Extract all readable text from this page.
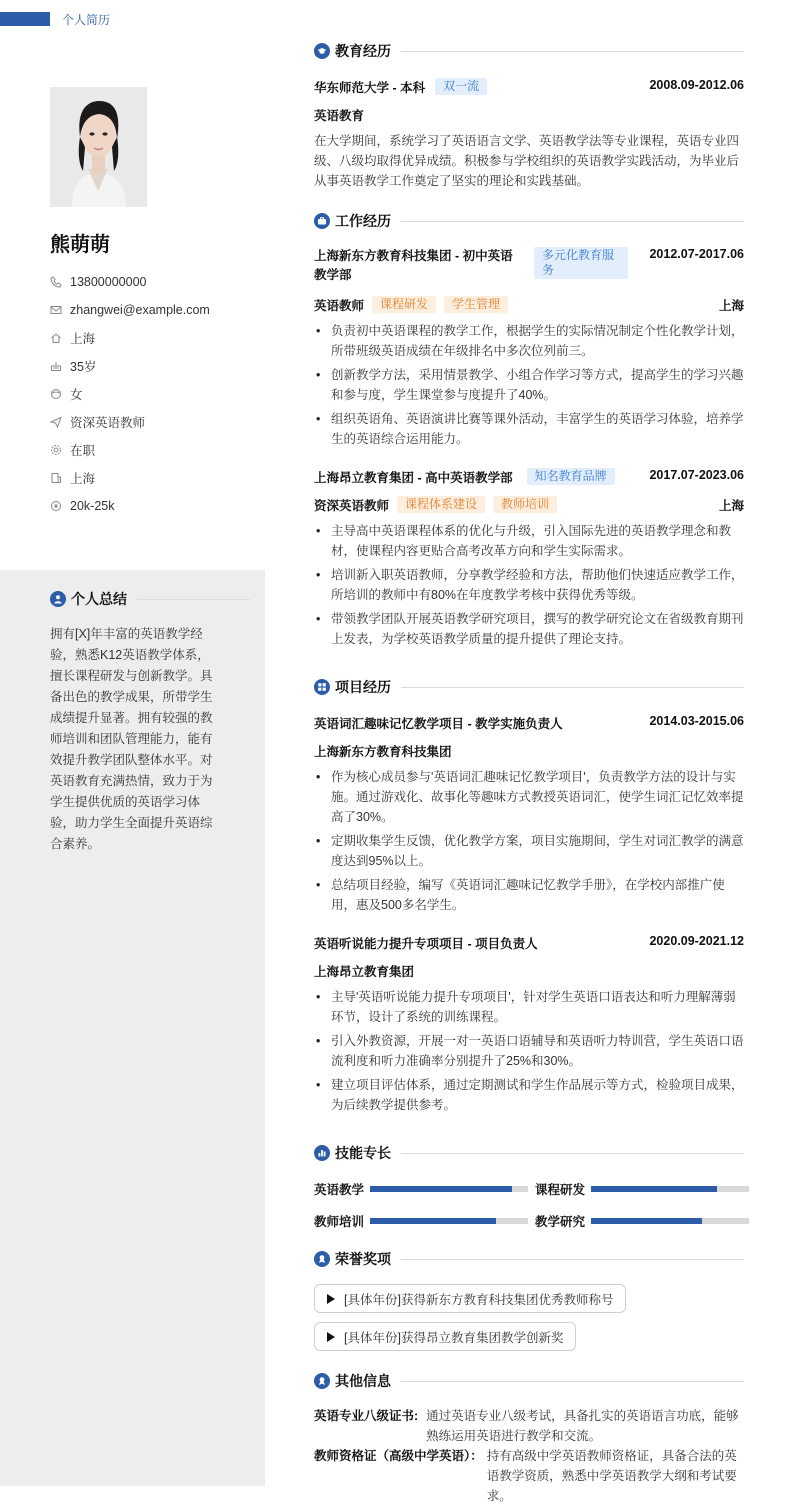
个人简历
熊萌萌
13800000000
zhangwei@example.com
上海
35岁
女
资深英语教师
在职
上海
20k-25k
个人总结
拥有[X]年丰富的英语教学经验，熟悉K12英语教学体系，擅长课程研发与创新教学。具备出色的教学成果，所带学生成绩提升显著。拥有较强的教师培训和团队管理能力，能有效提升教学团队整体水平。对英语教育充满热情，致力于为学生提供优质的英语学习体验，助力学生全面提升英语综合素养。
教育经历
华东师范大学 - 本科	双一流	2008.09-2012.06
英语教育
在大学期间，系统学习了英语语言文学、英语教学法等专业课程，英语专业四级、八级均取得优异成绩。积极参与学校组织的英语教学实践活动，为毕业后从事英语教学工作奠定了坚实的理论和实践基础。
工作经历
上海新东方教育科技集团 - 初中英语教学部
多元化教育服务
2012.07-2017.06
英语教师	课程研发	学生管理	上海
• 负责初中英语课程的教学工作，根据学生的实际情况制定个性化教学计划，所带班级英语成绩在年级排名中多次位列前三。
• 创新教学方法，采用情景教学、小组合作学习等方式，提高学生的学习兴趣和参与度，学生课堂参与度提升了40%。
• 组织英语角、英语演讲比赛等课外活动，丰富学生的英语学习体验，培养学生的英语综合运用能力。
上海昂立教育集团 - 高中英语教学部	知名教育品牌	2017.07-2023.06
资深英语教师	课程体系建设	教师培训	上海
• 主导高中英语课程体系的优化与升级，引入国际先进的英语教学理念和教材，使课程内容更贴合高考改革方向和学生实际需求。
• 培训新入职英语教师，分享教学经验和方法，帮助他们快速适应教学工作，所培训的教师中有80%在年度教学考核中获得优秀等级。
• 带领教学团队开展英语教学研究项目，撰写的教学研究论文在省级教育期刊上发表，为学校英语教学质量的提升提供了理论支持。
项目经历
英语词汇趣味记忆教学项目 - 教学实施负责人	2014.03-2015.06
上海新东方教育科技集团
• 作为核心成员参与'英语词汇趣味记忆教学项目'，负责教学方法的设计与实施。通过游戏化、故事化等趣味方式教授英语词汇，使学生词汇记忆效率提高了30%。
• 定期收集学生反馈，优化教学方案，项目实施期间，学生对词汇教学的满意度达到95%以上。
• 总结项目经验，编写《英语词汇趣味记忆教学手册》，在学校内部推广使用，惠及500多名学生。
英语听说能力提升专项项目 - 项目负责人	2020.09-2021.12
上海昂立教育集团
• 主导'英语听说能力提升专项项目'，针对学生英语口语表达和听力理解薄弱环节，设计了系统的训练课程。
• 引入外教资源，开展一对一英语口语辅导和英语听力特训营，学生英语口语流利度和听力准确率分别提升了25%和30%。
• 建立项目评估体系，通过定期测试和学生作品展示等方式，检验项目成果，为后续教学提供参考。
技能专长
英语教学	课程研发
教师培训	教学研究
荣誉奖项
[具体年份]获得新东方教育科技集团优秀教师称号
[具体年份]获得昂立教育集团教学创新奖
其他信息
英语专业八级证书: 通过英语专业八级考试，具备扎实的英语语言功底，能够熟练运用英语进行教学和交流。
教师资格证（高级中学英语）： 持有高级中学英语教师资格证，具备合法的英语教学资质，熟悉中学英语教学大纲和考试要求。
